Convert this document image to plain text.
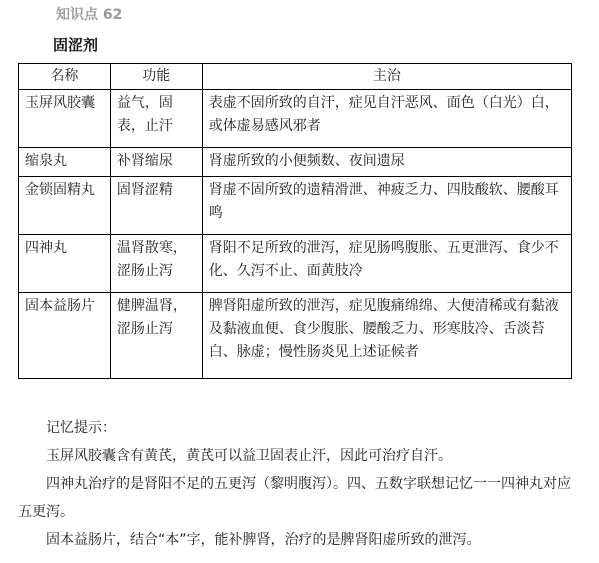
知识点 62
固涩剂
名称	功能	主治
玉屏风胶囊	益气，固表，止汗	表虚不固所致的自汗，症见自汗恶风、面色（白光）白，或体虚易感风邪者
缩泉丸	补肾缩尿	肾虚所致的小便频数、夜间遗尿
金锁固精丸	固肾涩精	肾虚不固所致的遗精滑泄、神疲乏力、四肢酸软、腰酸耳鸣
四神丸	温肾散寒，涩肠止泻	肾阳不足所致的泄泻，症见肠鸣腹胀、五更泄泻、食少不化、久泻不止、面黄肢冷
固本益肠片	健脾温肾，涩肠止泻	脾肾阳虚所致的泄泻，症见腹痛绵绵、大便清稀或有黏液及黏液血便、食少腹胀、腰酸乏力、形寒肢冷、舌淡苔白、脉虚；慢性肠炎见上述证候者

记忆提示：

玉屏风胶囊含有黄芪，黄芪可以益卫固表止汗，因此可治疗自汗。

四神丸治疗的是肾阳不足的五更泻（黎明腹泻）。四、五数字联想记忆一一四神丸对应五更泻。

固本益肠片，结合“本”字，能补脾肾，治疗的是脾肾阳虚所致的泄泻。
